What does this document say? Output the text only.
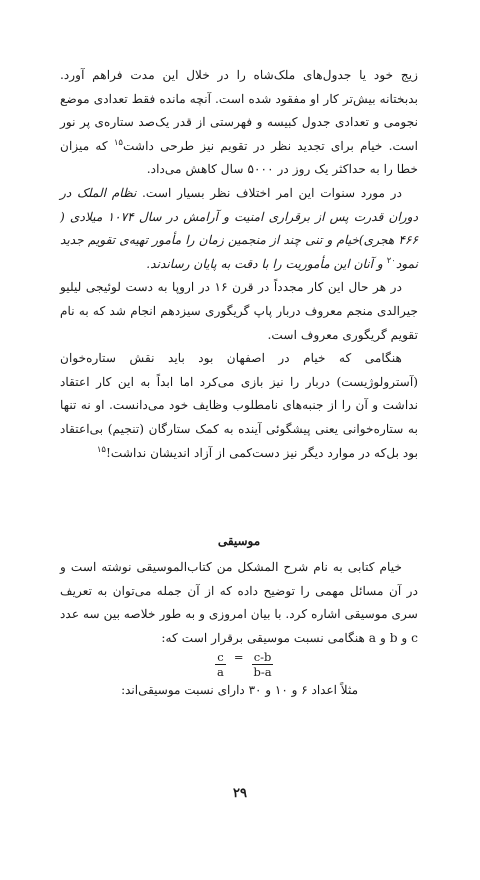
زیج خود یا جدول‌های ملک‌شاه را در خلال این مدت فراهم آورد. بدبختانه بیش‌تر کار او مفقود شده است. آنچه مانده فقط تعدادی موضع نجومی و تعدادی جدول کبیسه و فهرستی از قدر یک‌صد ستاره‌ی پر نور است. خیام برای تجدید نظر در تقویم نیز طرحی داشت$^{۱۵}$ که میزان خطا را به حداکثر یک روز در ۵۰۰۰ سال کاهش می‌داد.

در مورد سنوات این امر اختلاف نظر بسیار است. نظام الملک در دوران قدرت پس از برقراری امنیت و آرامش در سال ۱۰۷۴ میلادی ( ۴۶۶ هجری)خیام و تنی چند از منجمین زمان را مأمور تهیه‌ی تقویم جدید نمود$^{۲۰}$ و آنان این مأموریت را با دقت به پایان رساندند.

در هر حال این کار مجدداً در قرن ۱۶ در اروپا به دست لوئیجی لیلیو جیرالدی منجم معروف دربار پاپ گریگوری سیزدهم انجام شد که به نام تقویم گریگوری معروف است.

هنگامی که خیام در اصفهان بود باید نقش ستاره‌خوان (آسترولوژیست) دربار را نیز بازی می‌کرد اما ابداً به این کار اعتقاد نداشت و آن را از جنبه‌های نامطلوب وظایف خود می‌دانست. او نه تنها به ستاره‌خوانی یعنی پیشگوئی آینده به کمک ستارگان (تنجیم) بی‌اعتقاد بود بل‌که در موارد دیگر نیز دست‌کمی از آزاد اندیشان نداشت!$^{۱۵}$

موسیقی

خیام کتابی به نام شرح المشکل من کتاب‌الموسیقی نوشته است و در آن مسائل مهمی را توضیح داده که از آن جمله می‌توان به تعریف سری موسیقی اشاره کرد. با بیان امروزی و به طور خلاصه بین سه عدد c و b و a هنگامی نسبت موسیقی برقرار است که:

$\frac{c}{a} = \frac{c-b}{b-a}$
مثلاً اعداد ۶ و ۱۰ و ۳۰ دارای نسبت موسیقی‌اند:
۲۹
